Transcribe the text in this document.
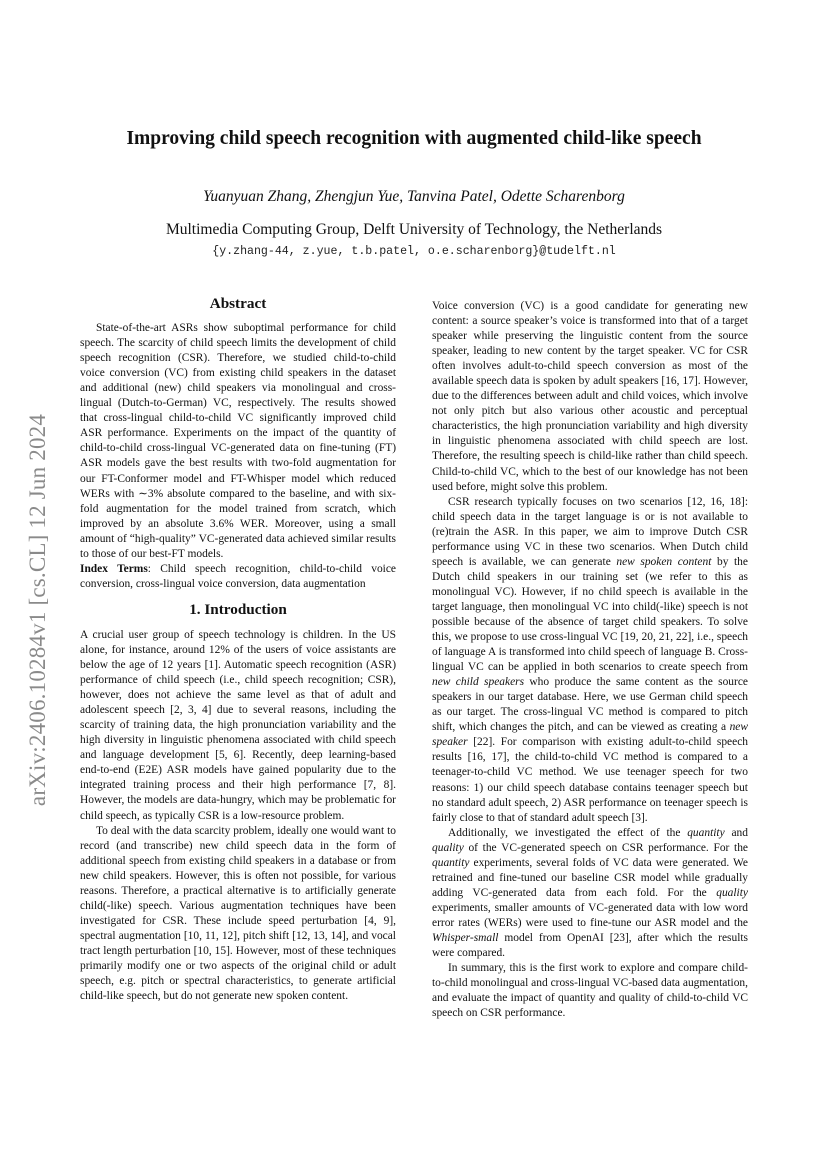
arXiv:2406.10284v1 [cs.CL] 12 Jun 2024
Improving child speech recognition with augmented child-like speech
Yuanyuan Zhang, Zhengjun Yue, Tanvina Patel, Odette Scharenborg
Multimedia Computing Group, Delft University of Technology, the Netherlands
{y.zhang-44, z.yue, t.b.patel, o.e.scharenborg}@tudelft.nl
Abstract

State-of-the-art ASRs show suboptimal performance for child speech. The scarcity of child speech limits the development of child speech recognition (CSR). Therefore, we studied child-to-child voice conversion (VC) from existing child speakers in the dataset and additional (new) child speakers via monolingual and cross-lingual (Dutch-to-German) VC, respectively. The results showed that cross-lingual child-to-child VC significantly improved child ASR performance. Experiments on the impact of the quantity of child-to-child cross-lingual VC-generated data on fine-tuning (FT) ASR models gave the best results with two-fold augmentation for our FT-Conformer model and FT-Whisper model which reduced WERs with ∼3% absolute compared to the baseline, and with six-fold augmentation for the model trained from scratch, which improved by an absolute 3.6% WER. Moreover, using a small amount of “high-quality” VC-generated data achieved similar results to those of our best-FT models.

Index Terms: Child speech recognition, child-to-child voice conversion, cross-lingual voice conversion, data augmentation

1. Introduction

A crucial user group of speech technology is children. In the US alone, for instance, around 12% of the users of voice assistants are below the age of 12 years [1]. Automatic speech recognition (ASR) performance of child speech (i.e., child speech recognition; CSR), however, does not achieve the same level as that of adult and adolescent speech [2, 3, 4] due to several reasons, including the scarcity of training data, the high pronunciation variability and the high diversity in linguistic phenomena associated with child speech and language development [5, 6]. Recently, deep learning-based end-to-end (E2E) ASR models have gained popularity due to the integrated training process and their high performance [7, 8]. However, the models are data-hungry, which may be problematic for child speech, as typically CSR is a low-resource problem.

To deal with the data scarcity problem, ideally one would want to record (and transcribe) new child speech data in the form of additional speech from existing child speakers in a database or from new child speakers. However, this is often not possible, for various reasons. Therefore, a practical alternative is to artificially generate child(-like) speech. Various augmentation techniques have been investigated for CSR. These include speed perturbation [4, 9], spectral augmentation [10, 11, 12], pitch shift [12, 13, 14], and vocal tract length perturbation [10, 15]. However, most of these techniques primarily modify one or two aspects of the original child or adult speech, e.g. pitch or spectral characteristics, to generate artificial child-like speech, but do not generate new spoken content.

Voice conversion (VC) is a good candidate for generating new content: a source speaker’s voice is transformed into that of a target speaker while preserving the linguistic content from the source speaker, leading to new content by the target speaker. VC for CSR often involves adult-to-child speech conversion as most of the available speech data is spoken by adult speakers [16, 17]. However, due to the differences between adult and child voices, which involve not only pitch but also various other acoustic and perceptual characteristics, the high pronunciation variability and high diversity in linguistic phenomena associated with child speech are lost. Therefore, the resulting speech is child-like rather than child speech. Child-to-child VC, which to the best of our knowledge has not been used before, might solve this problem.

CSR research typically focuses on two scenarios [12, 16, 18]: child speech data in the target language is or is not available to (re)train the ASR. In this paper, we aim to improve Dutch CSR performance using VC in these two scenarios. When Dutch child speech is available, we can generate new spoken content by the Dutch child speakers in our training set (we refer to this as monolingual VC). However, if no child speech is available in the target language, then monolingual VC into child(-like) speech is not possible because of the absence of target child speakers. To solve this, we propose to use cross-lingual VC [19, 20, 21, 22], i.e., speech of language A is transformed into child speech of language B. Cross-lingual VC can be applied in both scenarios to create speech from new child speakers who produce the same content as the source speakers in our target database. Here, we use German child speech as our target. The cross-lingual VC method is compared to pitch shift, which changes the pitch, and can be viewed as creating a new speaker [22]. For comparison with existing adult-to-child speech results [16, 17], the child-to-child VC method is compared to a teenager-to-child VC method. We use teenager speech for two reasons: 1) our child speech database contains teenager speech but no standard adult speech, 2) ASR performance on teenager speech is fairly close to that of standard adult speech [3].

Additionally, we investigated the effect of the quantity and quality of the VC-generated speech on CSR performance. For the quantity experiments, several folds of VC data were generated. We retrained and fine-tuned our baseline CSR model while gradually adding VC-generated data from each fold. For the quality experiments, smaller amounts of VC-generated data with low word error rates (WERs) were used to fine-tune our ASR model and the Whisper-small model from OpenAI [23], after which the results were compared.

In summary, this is the first work to explore and compare child-to-child monolingual and cross-lingual VC-based data augmentation, and evaluate the impact of quantity and quality of child-to-child VC speech on CSR performance.
